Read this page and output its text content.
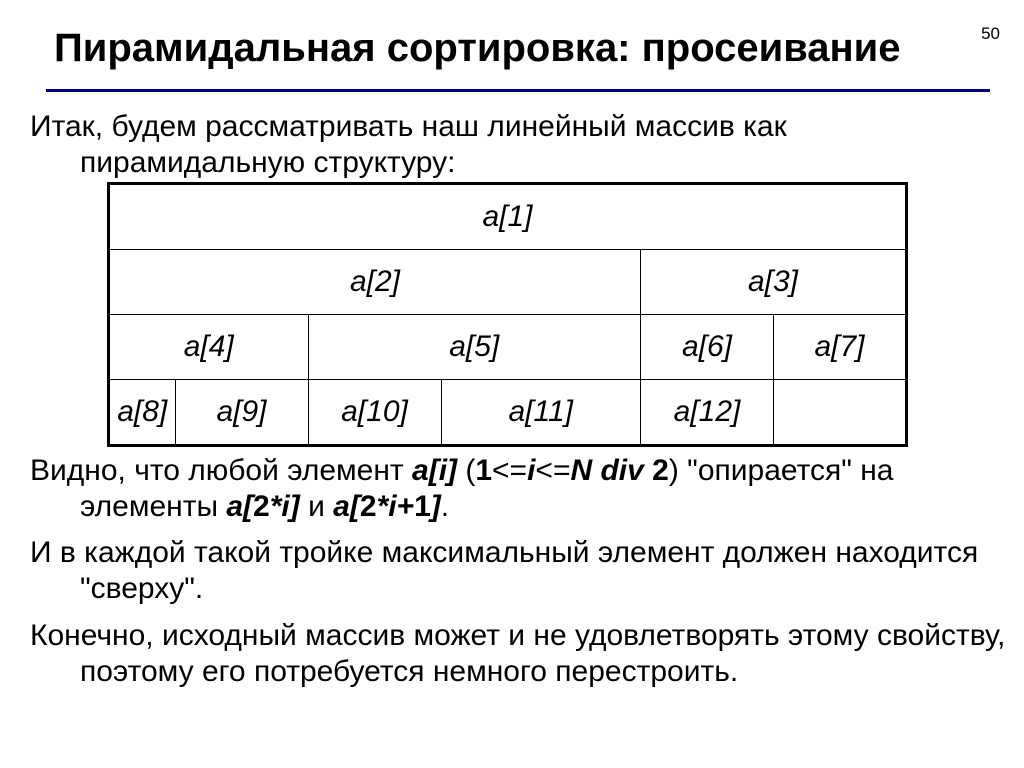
50
Пирамидальная сортировка: просеивание
Итак, будем рассматривать наш линейный массив как пирамидальную структуру:
a[1]					
a[2]				a[3]	
a[4]		a[5]		a[6]	a[7]
a[8]	a[9]	a[10]	a[11]	a[12]	
Видно, что любой элемент a[i] (1<=i<=N div 2) "опирается" на элементы a[2*i] и a[2*i+1].
И в каждой такой тройке максимальный элемент должен находится "сверху".
Конечно, исходный массив может и не удовлетворять этому свойству, поэтому его потребуется немного перестроить.
